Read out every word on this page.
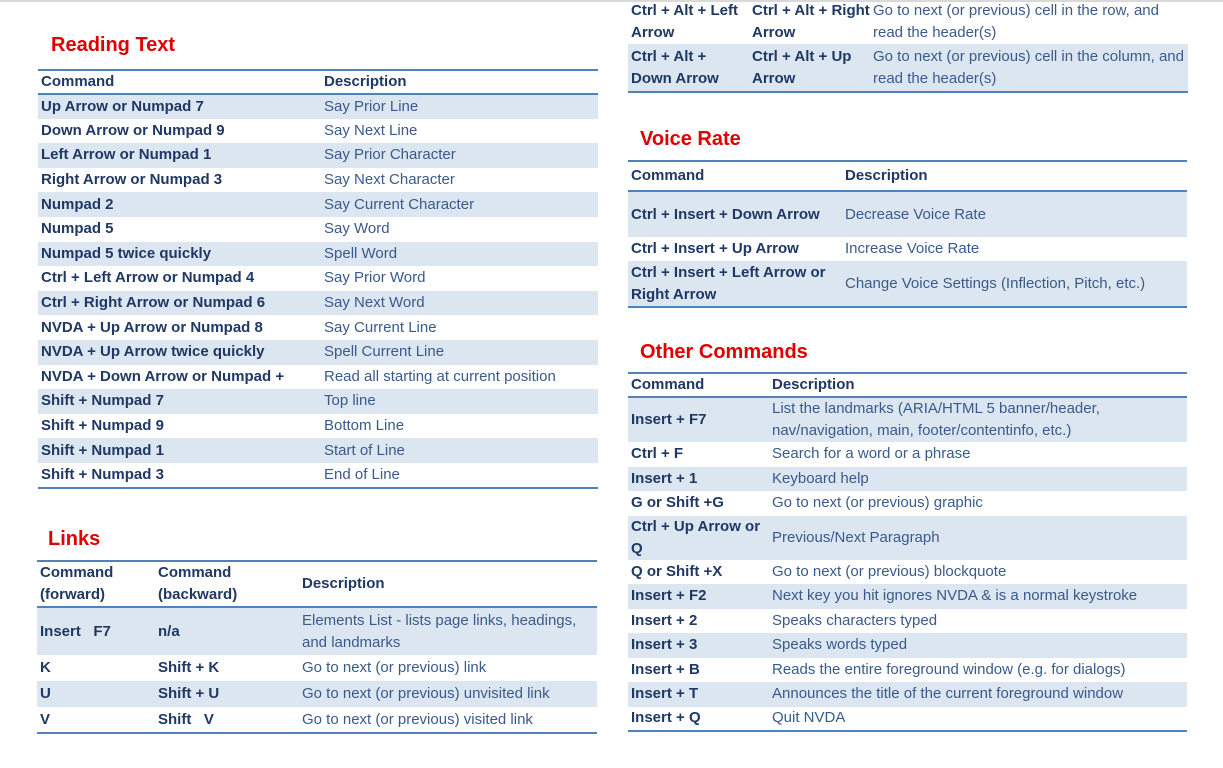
Reading Text
Command	Description
Up Arrow or Numpad 7	Say Prior Line
Down Arrow or Numpad 9	Say Next Line
Left Arrow or Numpad 1	Say Prior Character
Right Arrow or Numpad 3	Say Next Character
Numpad 2	Say Current Character
Numpad 5	Say Word
Numpad 5 twice quickly	Spell Word
Ctrl + Left Arrow or Numpad 4	Say Prior Word
Ctrl + Right Arrow or Numpad 6	Say Next Word
NVDA + Up Arrow or Numpad 8	Say Current Line
NVDA + Up Arrow twice quickly	Spell Current Line
NVDA + Down Arrow or Numpad +	Read all starting at current position
Shift + Numpad 7	Top line
Shift + Numpad 9	Bottom Line
Shift + Numpad 1	Start of Line
Shift + Numpad 3	End of Line
Links
Command (forward)	Command (backward)	Description
Insert   F7	n/a	Elements List - lists page links, headings, and landmarks
K	Shift + K	Go to next (or previous) link
U	Shift + U	Go to next (or previous) unvisited link
V	Shift   V	Go to next (or previous) visited link
Ctrl + Alt + Left Arrow	Ctrl + Alt + Right Arrow	Go to next (or previous) cell in the row, and read the header(s)
Ctrl + Alt + Down Arrow	Ctrl + Alt + Up Arrow	Go to next (or previous) cell in the column, and read the header(s)
Voice Rate
Command	Description
Ctrl + Insert + Down Arrow	Decrease Voice Rate
Ctrl + Insert + Up Arrow	Increase Voice Rate
Ctrl + Insert + Left Arrow or Right Arrow	Change Voice Settings (Inflection, Pitch, etc.)
Other Commands
Command	Description
Insert + F7	List the landmarks (ARIA/HTML 5 banner/header, nav/navigation, main, footer/contentinfo, etc.)
Ctrl + F	Search for a word or a phrase
Insert + 1	Keyboard help
G or Shift +G	Go to next (or previous) graphic
Ctrl + Up Arrow or Q	Previous/Next Paragraph
Q or Shift +X	Go to next (or previous) blockquote
Insert + F2	Next key you hit ignores NVDA & is a normal keystroke
Insert + 2	Speaks characters typed
Insert + 3	Speaks words typed
Insert + B	Reads the entire foreground window (e.g. for dialogs)
Insert + T	Announces the title of the current foreground window
Insert + Q	Quit NVDA
